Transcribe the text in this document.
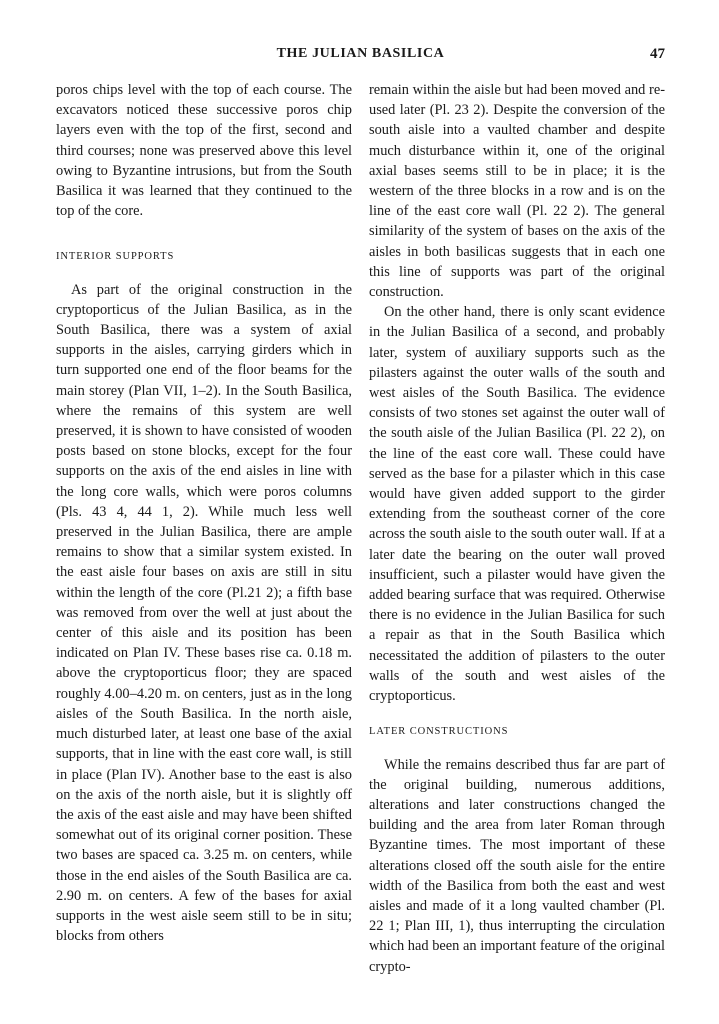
THE JULIAN BASILICA	47

poros chips level with the top of each course. The excavators noticed these successive poros chip layers even with the top of the first, second and third courses; none was preserved above this level owing to Byzantine intrusions, but from the South Basilica it was learned that they continued to the top of the core.

INTERIOR SUPPORTS

As part of the original construction in the cryptoporticus of the Julian Basilica, as in the South Basilica, there was a system of axial supports in the aisles, carrying girders which in turn supported one end of the floor beams for the main storey (Plan VII, 1–2). In the South Basilica, where the remains of this system are well preserved, it is shown to have consisted of wooden posts based on stone blocks, except for the four supports on the axis of the end aisles in line with the long core walls, which were poros columns (Pls. 43 4, 44 1, 2). While much less well preserved in the Julian Basilica, there are ample remains to show that a similar system existed. In the east aisle four bases on axis are still in situ within the length of the core (Pl.21 2); a fifth base was removed from over the well at just about the center of this aisle and its position has been indicated on Plan IV. These bases rise ca. 0.18 m. above the cryptoporticus floor; they are spaced roughly 4.00–4.20 m. on centers, just as in the long aisles of the South Basilica. In the north aisle, much disturbed later, at least one base of the axial supports, that in line with the east core wall, is still in place (Plan IV). Another base to the east is also on the axis of the north aisle, but it is slightly off the axis of the east aisle and may have been shifted somewhat out of its original corner position. These two bases are spaced ca. 3.25 m. on centers, while those in the end aisles of the South Basilica are ca. 2.90 m. on centers. A few of the bases for axial supports in the west aisle seem still to be in situ; blocks from others

remain within the aisle but had been moved and re-used later (Pl. 23 2). Despite the conversion of the south aisle into a vaulted chamber and despite much disturbance within it, one of the original axial bases seems still to be in place; it is the western of the three blocks in a row and is on the line of the east core wall (Pl. 22 2). The general similarity of the system of bases on the axis of the aisles in both basilicas suggests that in each one this line of supports was part of the original construction.

On the other hand, there is only scant evidence in the Julian Basilica of a second, and probably later, system of auxiliary supports such as the pilasters against the outer walls of the south and west aisles of the South Basilica. The evidence consists of two stones set against the outer wall of the south aisle of the Julian Basilica (Pl. 22 2), on the line of the east core wall. These could have served as the base for a pilaster which in this case would have given added support to the girder extending from the southeast corner of the core across the south aisle to the south outer wall. If at a later date the bearing on the outer wall proved insufficient, such a pilaster would have given the added bearing surface that was required. Otherwise there is no evidence in the Julian Basilica for such a repair as that in the South Basilica which necessitated the addition of pilasters to the outer walls of the south and west aisles of the cryptoporticus.

LATER CONSTRUCTIONS

While the remains described thus far are part of the original building, numerous additions, alterations and later constructions changed the building and the area from later Roman through Byzantine times. The most important of these alterations closed off the south aisle for the entire width of the Basilica from both the east and west aisles and made of it a long vaulted chamber (Pl. 22 1; Plan III, 1), thus interrupting the circulation which had been an important feature of the original crypto-
